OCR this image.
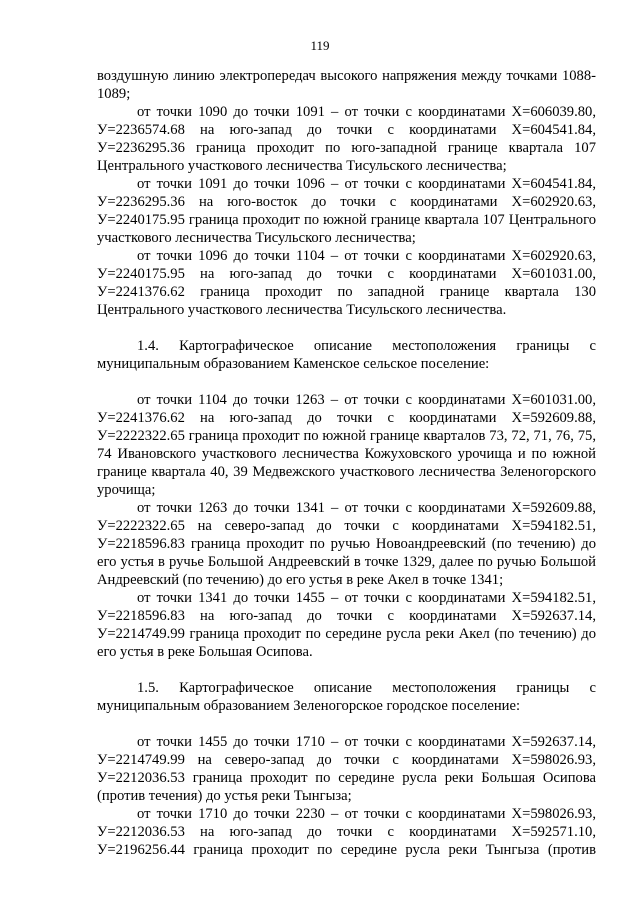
119

воздушную линию электропередач высокого напряжения между точками 1088-1089;

от точки 1090 до точки 1091 – от точки с координатами X=606039.80, У=2236574.68 на юго-запад до точки с координатами X=604541.84, У=2236295.36 граница проходит по юго-западной границе квартала 107 Центрального участкового лесничества Тисульского лесничества;

от точки 1091 до точки 1096 – от точки с координатами X=604541.84, У=2236295.36 на юго-восток до точки с координатами X=602920.63, У=2240175.95 граница проходит по южной границе квартала 107 Центрального участкового лесничества Тисульского лесничества;

от точки 1096 до точки 1104 – от точки с координатами X=602920.63, У=2240175.95 на юго-запад до точки с координатами X=601031.00, У=2241376.62 граница проходит по западной границе квартала 130 Центрального участкового лесничества Тисульского лесничества.

1.4. Картографическое описание местоположения границы с муниципальным образованием Каменское сельское поселение:

от точки 1104 до точки 1263 – от точки с координатами X=601031.00, У=2241376.62 на юго-запад до точки с координатами X=592609.88, У=2222322.65 граница проходит по южной границе кварталов 73, 72, 71, 76, 75, 74 Ивановского участкового лесничества Кожуховского урочища и по южной границе квартала 40, 39 Медвежского участкового лесничества Зеленогорского урочища;

от точки 1263 до точки 1341 – от точки с координатами X=592609.88, У=2222322.65 на северо-запад до точки с координатами X=594182.51, У=2218596.83 граница проходит по ручью Новоандреевский (по течению) до его устья в ручье Большой Андреевский в точке 1329, далее по ручью Большой Андреевский (по течению) до его устья в реке Акел в точке 1341;

от точки 1341 до точки 1455 – от точки с координатами X=594182.51, У=2218596.83 на юго-запад до точки с координатами X=592637.14, У=2214749.99 граница проходит по середине русла реки Акел (по течению) до его устья в реке Большая Осипова.

1.5. Картографическое описание местоположения границы с муниципальным образованием Зеленогорское городское поселение:

от точки 1455 до точки 1710 – от точки с координатами X=592637.14, У=2214749.99 на северо-запад до точки с координатами X=598026.93, У=2212036.53 граница проходит по середине русла реки Большая Осипова (против течения) до устья реки Тынгыза;

от точки 1710 до точки 2230 – от точки с координатами X=598026.93, У=2212036.53 на юго-запад до точки с координатами X=592571.10, У=2196256.44 граница проходит по середине русла реки Тынгыза (против
